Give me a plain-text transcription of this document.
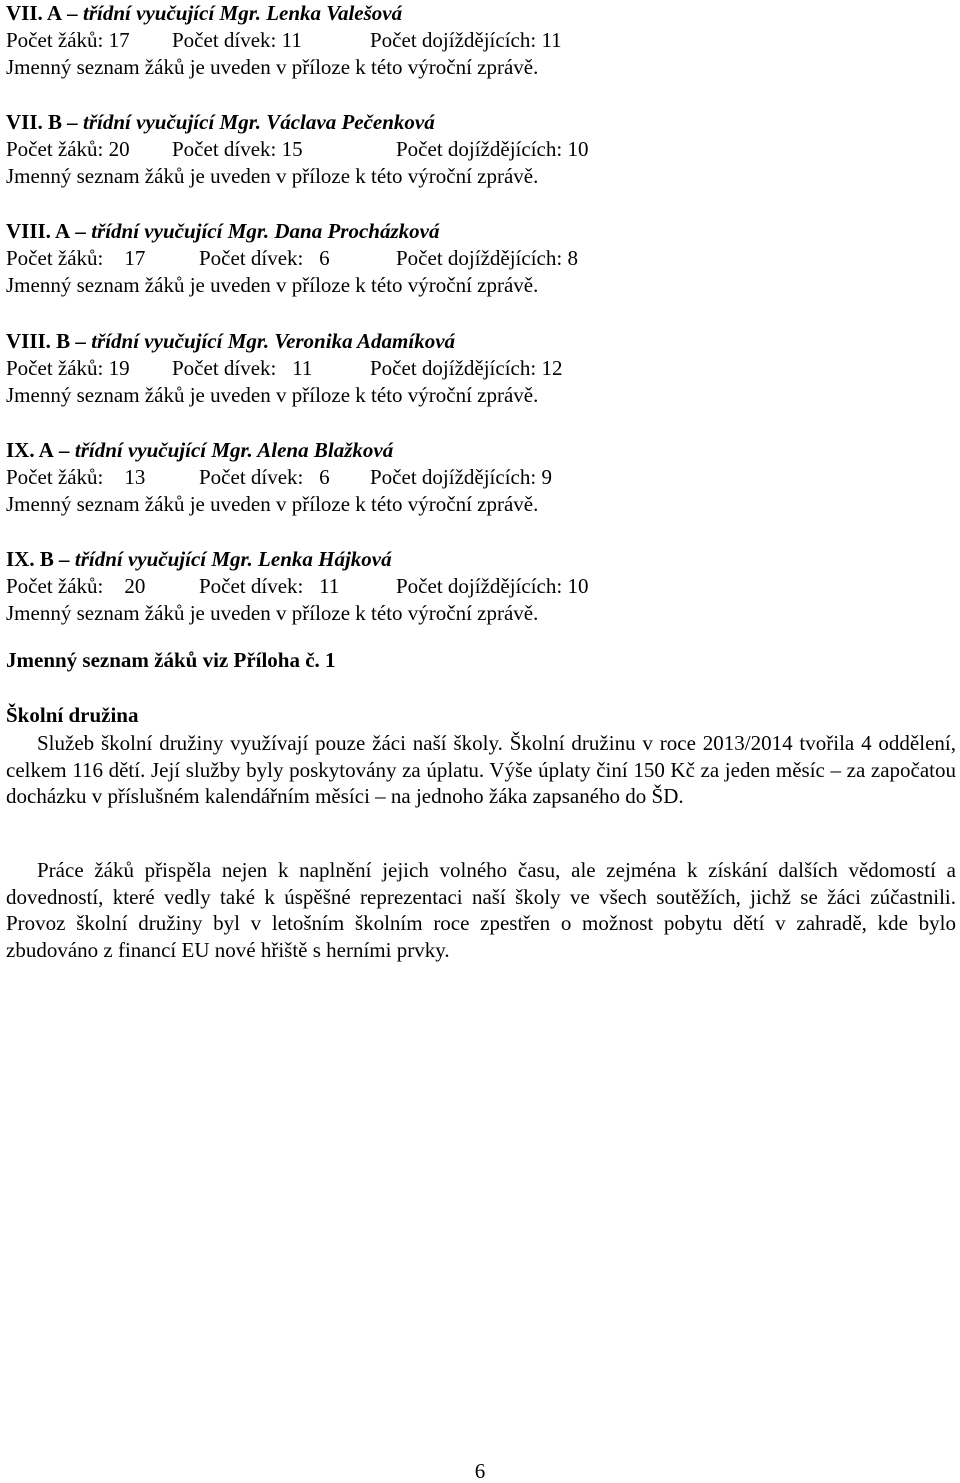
VII. A – třídní vyučující Mgr. Lenka Valešová
Počet žáků: 17 Počet dívek: 11	Počet dojíždějících: 11
Jmenný seznam žáků je uveden v příloze k této výroční zprávě.
VII. B – třídní vyučující Mgr. Václava Pečenková
Počet žáků: 20 Počet dívek: 15	Počet dojíždějících: 10
Jmenný seznam žáků je uveden v příloze k této výroční zprávě.
VIII. A – třídní vyučující Mgr. Dana Procházková
Počet žáků: 17	Počet dívek: 6	Počet dojíždějících: 8
Jmenný seznam žáků je uveden v příloze k této výroční zprávě.
VIII. B – třídní vyučující Mgr. Veronika Adamíková
Počet žáků: 19 Počet dívek: 11	Počet dojíždějících: 12
Jmenný seznam žáků je uveden v příloze k této výroční zprávě.
IX. A – třídní vyučující Mgr. Alena Blažková
Počet žáků: 13	Počet dívek: 6 Počet dojíždějících: 9
Jmenný seznam žáků je uveden v příloze k této výroční zprávě.
IX. B – třídní vyučující Mgr. Lenka Hájková
Počet žáků: 20	Počet dívek: 11	Počet dojíždějících: 10
Jmenný seznam žáků je uveden v příloze k této výroční zprávě.
Jmenný seznam žáků viz Příloha č. 1
Školní družina

Služeb školní družiny využívají pouze žáci naší školy. Školní družinu v roce 2013/2014 tvořila 4 oddělení, celkem 116 dětí. Její služby byly poskytovány za úplatu. Výše úplaty činí 150 Kč za jeden měsíc – za započatou docházku v příslušném kalendářním měsíci – na jednoho žáka zapsaného do ŠD.

Práce žáků přispěla nejen k naplnění jejich volného času, ale zejména k získání dalších vědomostí a dovedností, které vedly také k úspěšné reprezentaci naší školy ve všech soutěžích, jichž se žáci zúčastnili. Provoz školní družiny byl v letošním školním roce zpestřen o možnost pobytu dětí v zahradě, kde bylo zbudováno z financí EU nové hřiště s herními prvky.

6
